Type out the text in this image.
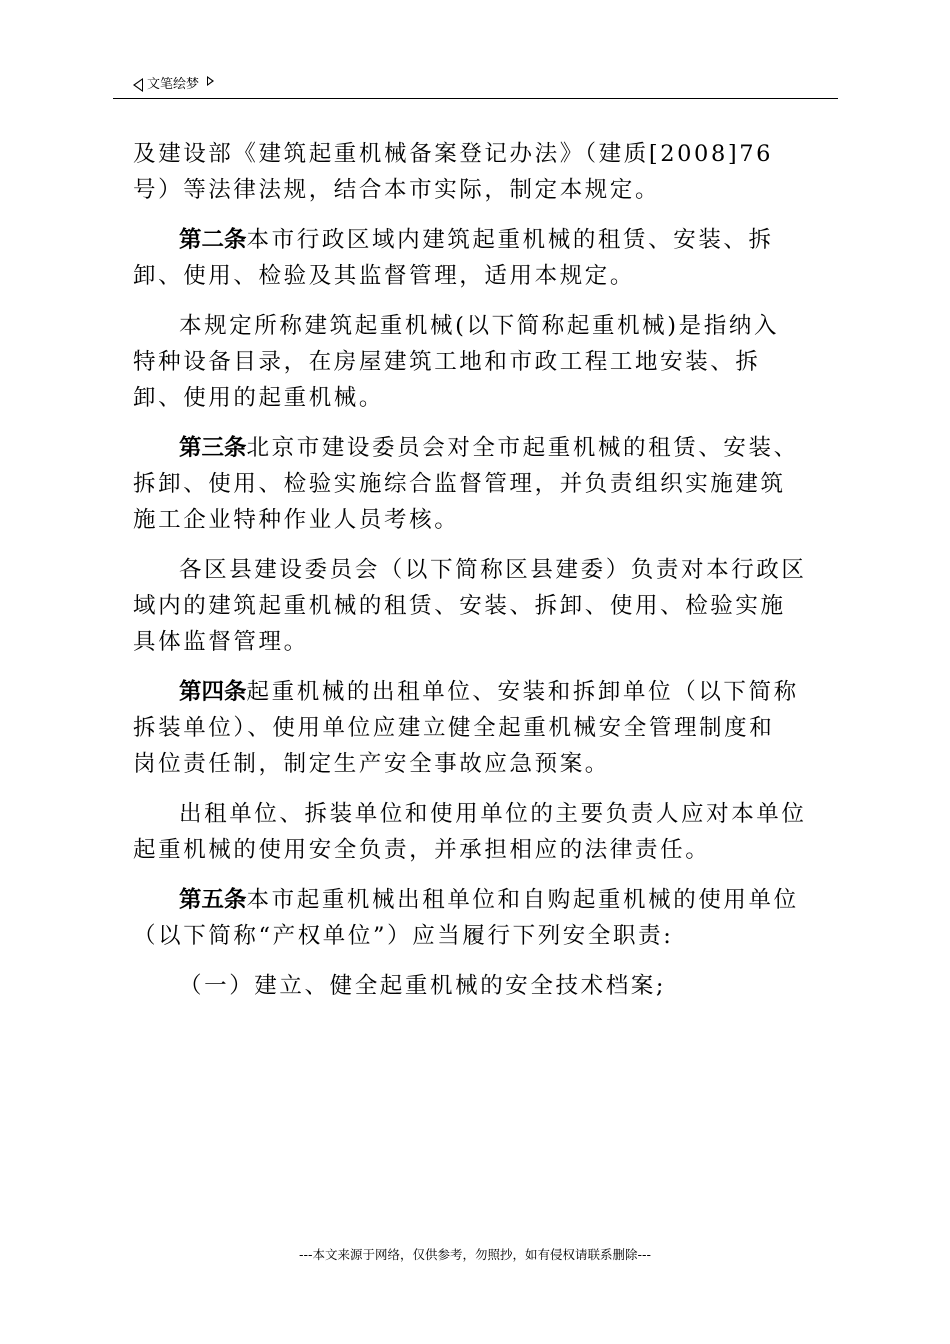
文笔绘梦

及建设部《建筑起重机械备案登记办法》（建质[2008]76
号）等法律法规，结合本市实际，制定本规定。

第二条本市行政区域内建筑起重机械的租赁、安装、拆
卸、使用、检验及其监督管理，适用本规定。

本规定所称建筑起重机械(以下简称起重机械)是指纳入
特种设备目录，在房屋建筑工地和市政工程工地安装、拆
卸、使用的起重机械。

第三条北京市建设委员会对全市起重机械的租赁、安装、
拆卸、使用、检验实施综合监督管理，并负责组织实施建筑
施工企业特种作业人员考核。

各区县建设委员会（以下简称区县建委）负责对本行政区
域内的建筑起重机械的租赁、安装、拆卸、使用、检验实施
具体监督管理。

第四条起重机械的出租单位、安装和拆卸单位（以下简称
拆装单位）、使用单位应建立健全起重机械安全管理制度和
岗位责任制，制定生产安全事故应急预案。

出租单位、拆装单位和使用单位的主要负责人应对本单位
起重机械的使用安全负责，并承担相应的法律责任。

第五条本市起重机械出租单位和自购起重机械的使用单位
（以下简称“产权单位”）应当履行下列安全职责:

（一）建立、健全起重机械的安全技术档案;

---本文来源于网络，仅供参考，勿照抄，如有侵权请联系删除---
